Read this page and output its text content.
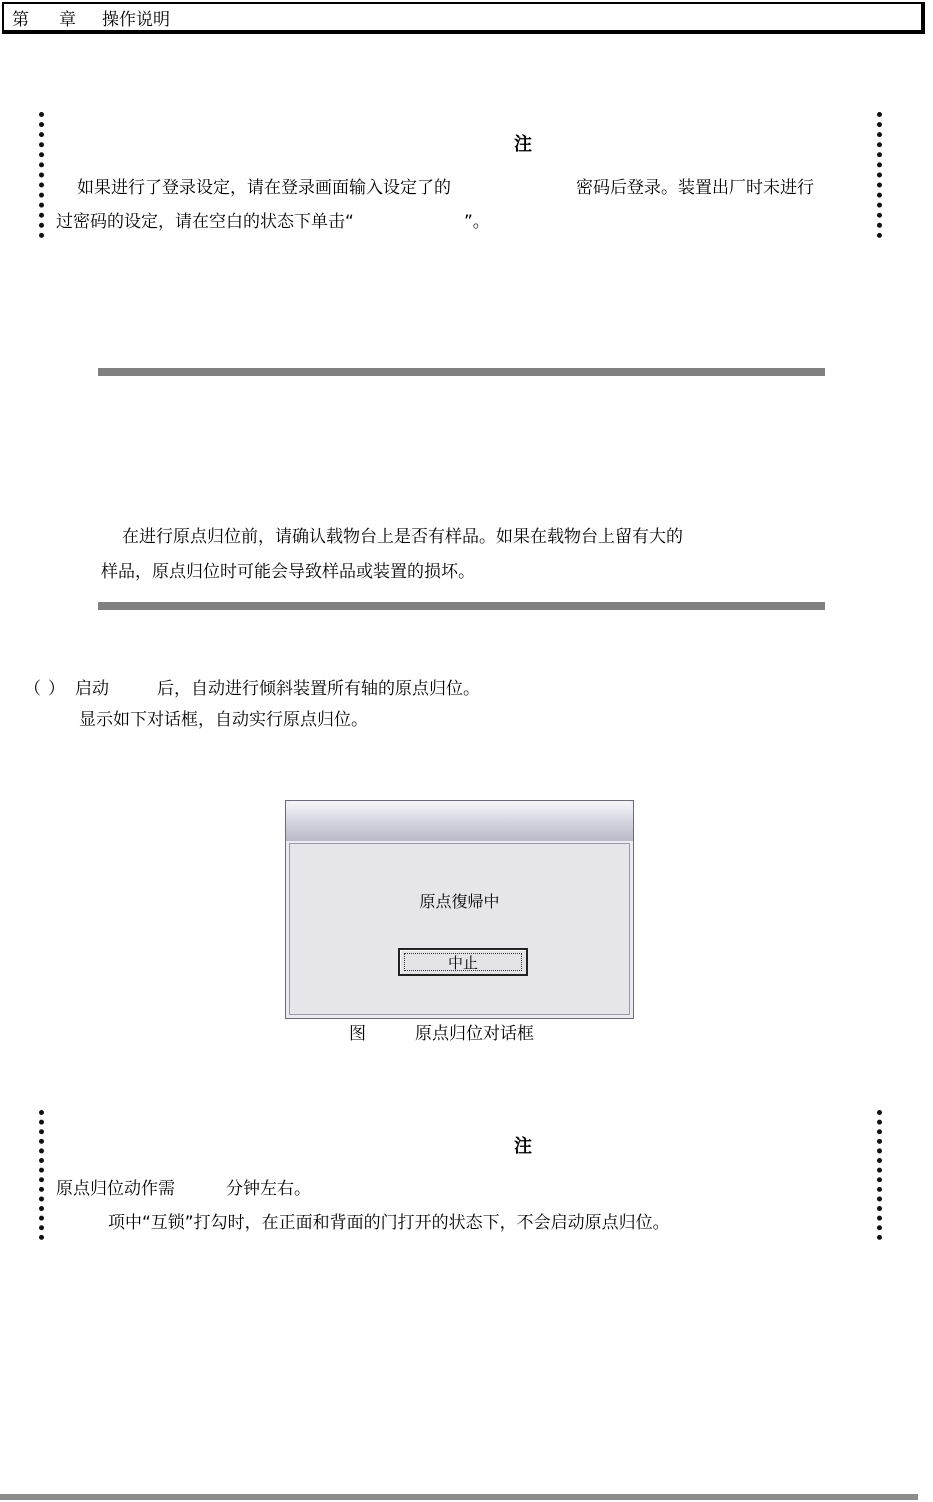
第 章 操作说明
注
如果进行了登录设定，请在登录画面输入设定了的	密码后登录。装置出厂时未进行
过密码的设定，请在空白的状态下单击“	”。
在进行原点归位前，请确认载物台上是否有样品。如果在载物台上留有大的
样品，原点归位时可能会导致样品或装置的损坏。
（ ） 启动	后，自动进行倾斜装置所有轴的原点归位。
显示如下对话框，自动实行原点归位。
原点復帰中
中止
图	原点归位对话框
注
原点归位动作需	分钟左右。
项中“互锁”打勾时，在正面和背面的门打开的状态下，不会启动原点归位。
